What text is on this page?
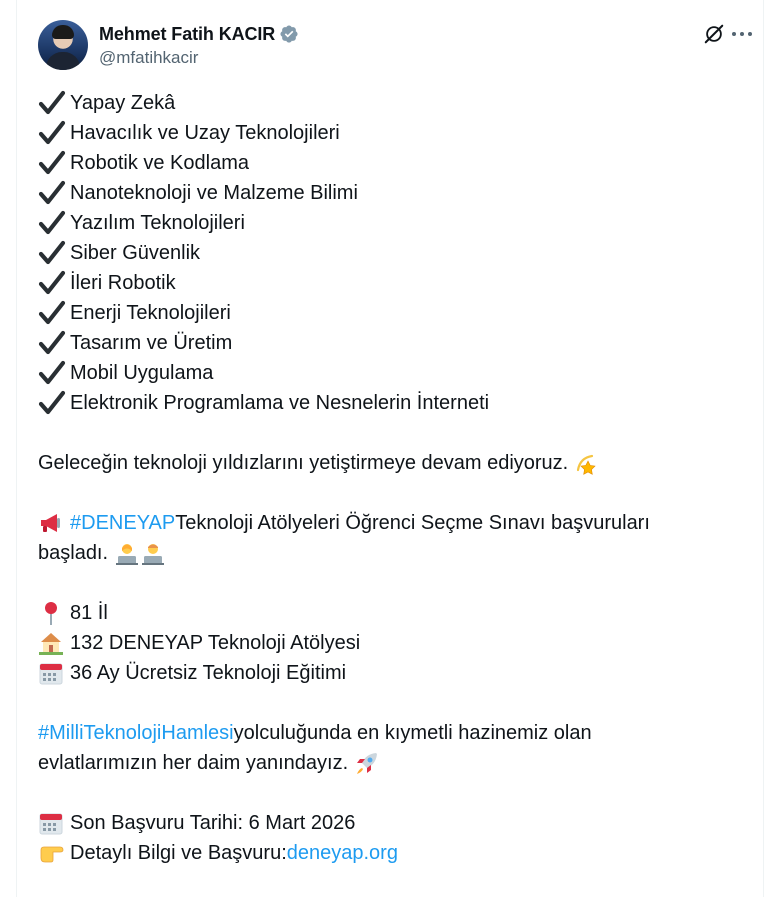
Mehmet Fatih KACIR
@mfatihkacir
Yapay Zekâ
Havacılık ve Uzay Teknolojileri
Robotik ve Kodlama
Nanoteknoloji ve Malzeme Bilimi
Yazılım Teknolojileri
Siber Güvenlik
İleri Robotik
Enerji Teknolojileri
Tasarım ve Üretim
Mobil Uygulama
Elektronik Programlama ve Nesnelerin İnterneti
Geleceğin teknoloji yıldızlarını yetiştirmeye devam ediyoruz.
#DENEYAP Teknoloji Atölyeleri Öğrenci Seçme Sınavı başvuruları
başladı.
81 İl
132 DENEYAP Teknoloji Atölyesi
36 Ay Ücretsiz Teknoloji Eğitimi
#MilliTeknolojiHamlesi yolculuğunda en kıymetli hazinemiz olan
evlatlarımızın her daim yanındayız.
Son Başvuru Tarihi: 6 Mart 2026
Detaylı Bilgi ve Başvuru: deneyap.org
